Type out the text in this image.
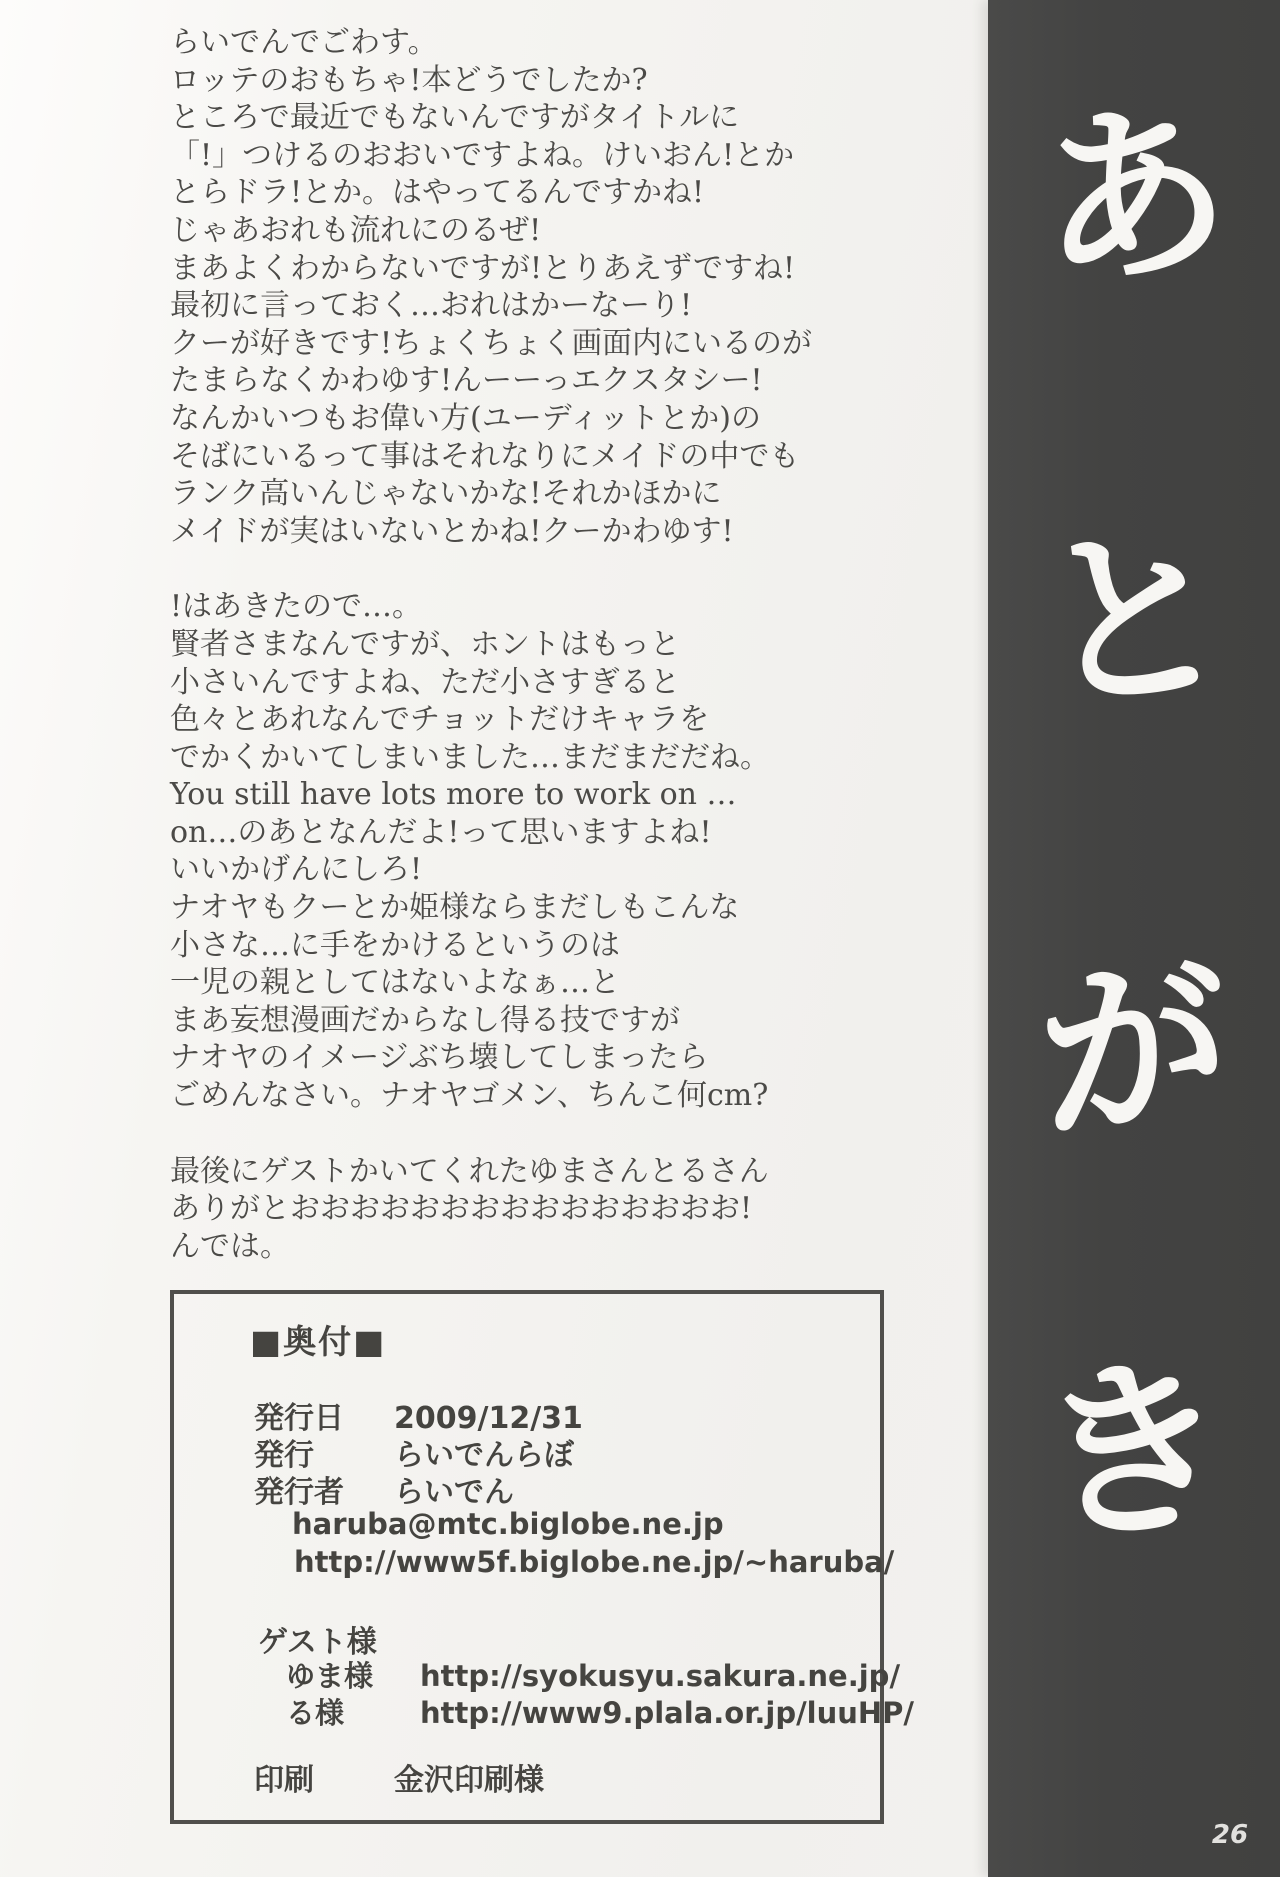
らいでんでごわす。
ロッテのおもちゃ!本どうでしたか?
ところで最近でもないんですがタイトルに
「!」つけるのおおいですよね。けいおん!とか
とらドラ!とか。はやってるんですかね!
じゃあおれも流れにのるぜ!
まあよくわからないですが!とりあえずですね!
最初に言っておく…おれはかーなーり!
クーが好きです!ちょくちょく画面内にいるのが
たまらなくかわゆす!んーーっエクスタシー!
なんかいつもお偉い方(ユーディットとか)の
そばにいるって事はそれなりにメイドの中でも
ランク高いんじゃないかな!それかほかに
メイドが実はいないとかね!クーかわゆす!
!はあきたので…。
賢者さまなんですが、ホントはもっと
小さいんですよね、ただ小さすぎると
色々とあれなんでチョットだけキャラを
でかくかいてしまいました…まだまだだね。
You still have lots more to work on …
on…のあとなんだよ!って思いますよね!
いいかげんにしろ!
ナオヤもクーとか姫様ならまだしもこんな
小さな…に手をかけるというのは
一児の親としてはないよなぁ…と
まあ妄想漫画だからなし得る技ですが
ナオヤのイメージぶち壊してしまったら
ごめんなさい。ナオヤゴメン、ちんこ何cm?
最後にゲストかいてくれたゆまさんとるさん
ありがとおおおおおおおおおおおおおおお!
んでは。
■奥付■
発行日 2009/12/31
発行	らいでんらぼ
発行者 らいでん
haruba@mtc.biglobe.ne.jp
http://www5f.biglobe.ne.jp/~haruba/
ゲスト様
ゆま様 http://syokusyu.sakura.ne.jp/
る様	http://www9.plala.or.jp/luuHP/
印刷	金沢印刷様
あ
と
が
き
26
